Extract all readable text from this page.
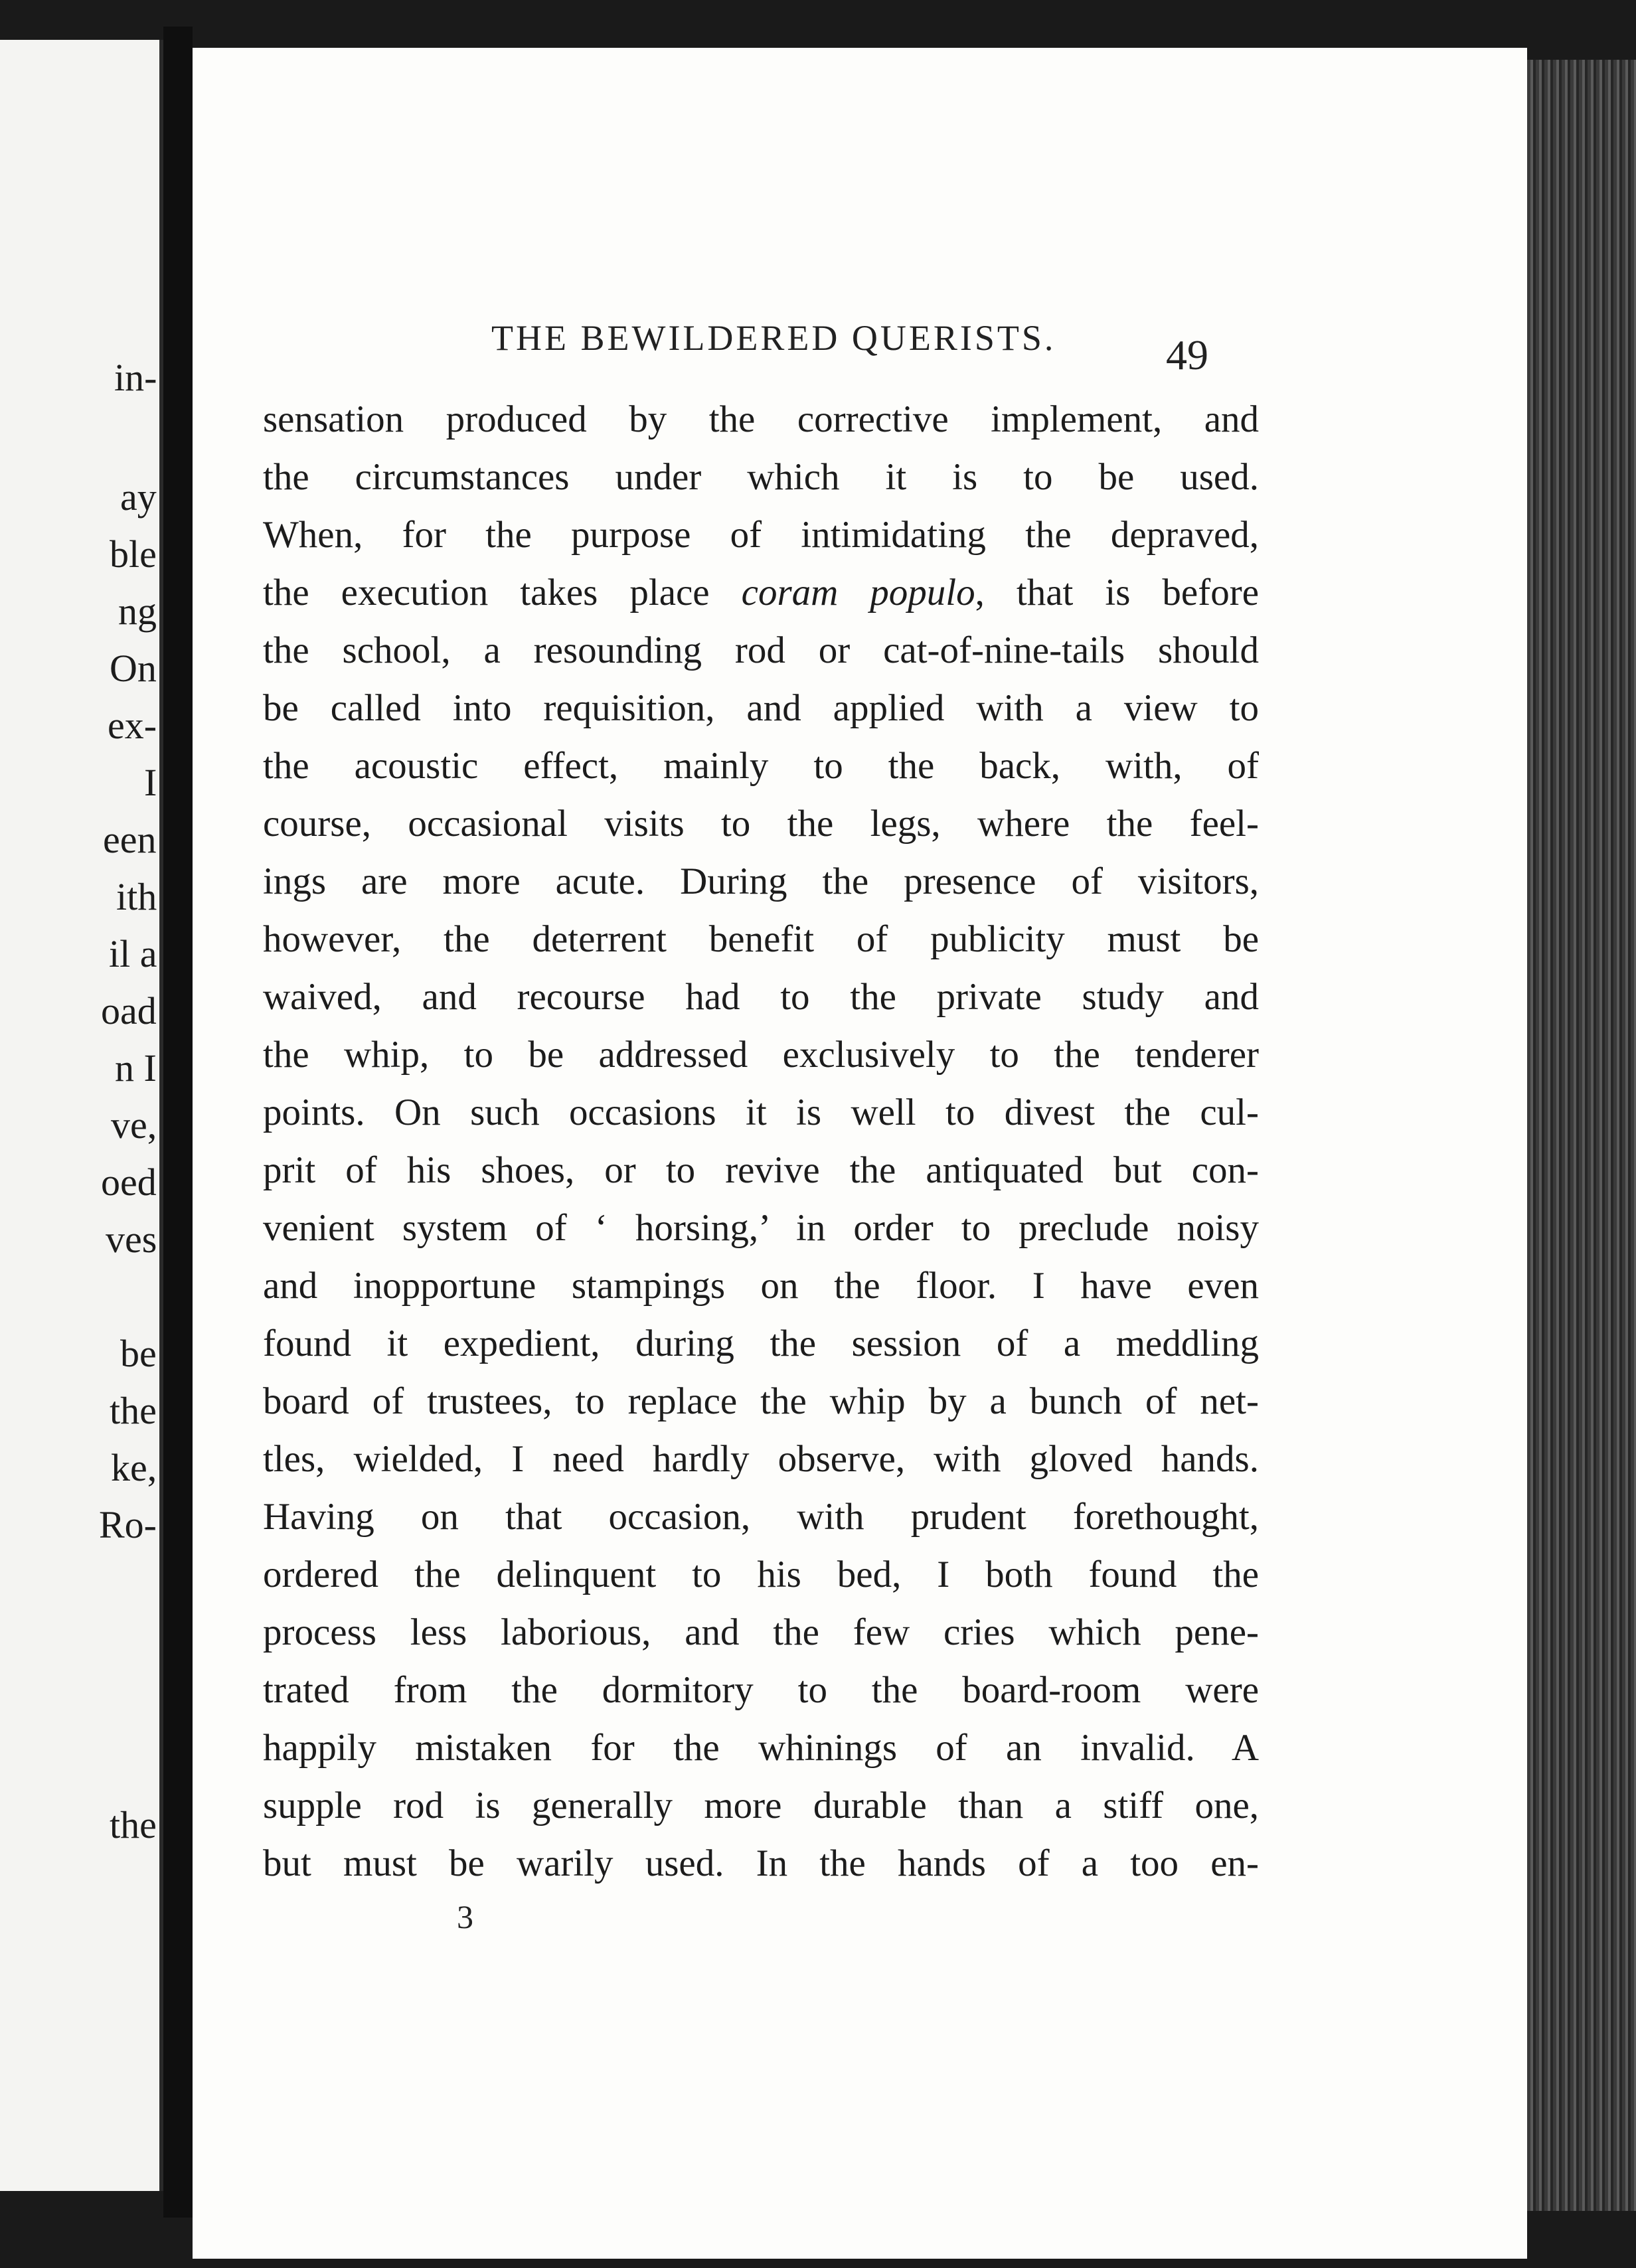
in-
ay
ble
ng
On
ex-
I
een
ith
il a
oad
n I
ve,
oed
ves
be
the
ke,
Ro-
the
THE BEWILDERED QUERISTS.	49
sensation produced by the corrective implement, and
the circumstances under which it is to be used.
When, for the purpose of intimidating the depraved,
the execution takes place coram populo, that is before
the school, a resounding rod or cat-of-nine-tails should
be called into requisition, and applied with a view to
the acoustic effect, mainly to the back, with, of
course, occasional visits to the legs, where the feel-
ings are more acute. During the presence of visitors,
however, the deterrent benefit of publicity must be
waived, and recourse had to the private study and
the whip, to be addressed exclusively to the tenderer
points. On such occasions it is well to divest the cul-
prit of his shoes, or to revive the antiquated but con-
venient system of ‘ horsing,’ in order to preclude noisy
and inopportune stampings on the floor. I have even
found it expedient, during the session of a meddling
board of trustees, to replace the whip by a bunch of net-
tles, wielded, I need hardly observe, with gloved hands.
Having on that occasion, with prudent forethought,
ordered the delinquent to his bed, I both found the
process less laborious, and the few cries which pene-
trated from the dormitory to the board-room were
happily mistaken for the whinings of an invalid. A
supple rod is generally more durable than a stiff one,
but must be warily used. In the hands of a too en-
3
